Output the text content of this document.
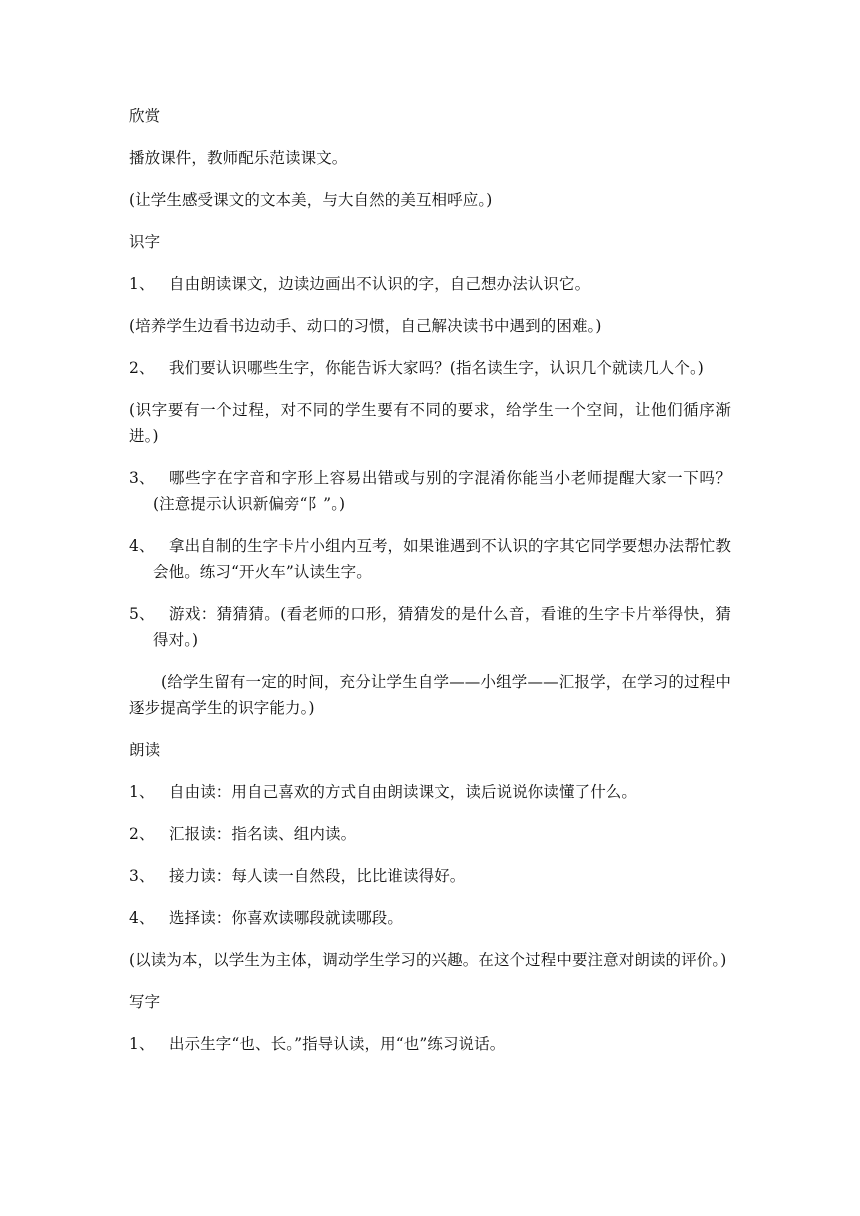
欣赏

播放课件，教师配乐范读课文。

(让学生感受课文的文本美，与大自然的美互相呼应。)

识字

1、 自由朗读课文，边读边画出不认识的字，自己想办法认识它。

(培养学生边看书边动手、动口的习惯，自己解决读书中遇到的困难。)

2、 我们要认识哪些生字，你能告诉大家吗？(指名读生字，认识几个就读几人个。)

(识字要有一个过程，对不同的学生要有不同的要求，给学生一个空间，让他们循序渐进。)

3、 哪些字在字音和字形上容易出错或与别的字混淆你能当小老师提醒大家一下吗？(注意提示认识新偏旁“阝”。)
4、 拿出自制的生字卡片小组内互考，如果谁遇到不认识的字其它同学要想办法帮忙教会他。练习“开火车”认读生字。
5、 游戏：猜猜猜。(看老师的口形，猜猜发的是什么音，看谁的生字卡片举得快，猜得对。)

(给学生留有一定的时间，充分让学生自学——小组学——汇报学，在学习的过程中逐步提高学生的识字能力。)

朗读

1、 自由读：用自己喜欢的方式自由朗读课文，读后说说你读懂了什么。
2、 汇报读：指名读、组内读。
3、 接力读：每人读一自然段，比比谁读得好。
4、 选择读：你喜欢读哪段就读哪段。

(以读为本，以学生为主体，调动学生学习的兴趣。在这个过程中要注意对朗读的评价。)

写字

1、 出示生字“也、长。”指导认读，用“也”练习说话。
